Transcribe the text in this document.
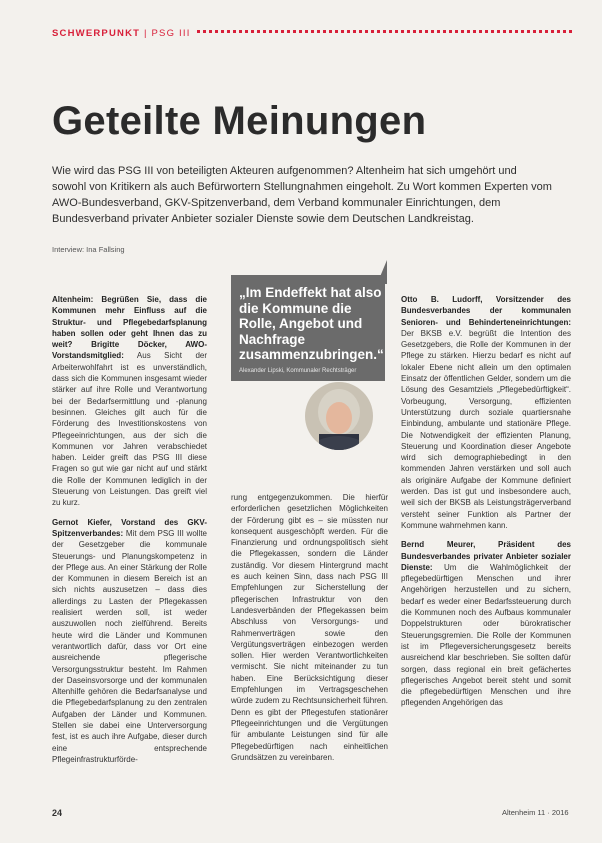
SCHWERPUNKT | PSG III
Geteilte Meinungen

Wie wird das PSG III von beteiligten Akteuren aufgenommen? Altenheim hat sich umgehört und sowohl von Kritikern als auch Befürwortern Stellungnahmen eingeholt. Zu Wort kommen Experten vom AWO-Bundesverband, GKV-Spitzenverband, dem Verband kommunaler Einrichtungen, dem Bundesverband privater Anbieter sozialer Dienste sowie dem Deutschen Landkreistag.

Interview: Ina Fallsing

Altenheim: Begrüßen Sie, dass die Kommunen mehr Einfluss auf die Struktur- und Pflegebedarfsplanung haben sollen oder geht Ihnen das zu weit? Brigitte Döcker, AWO-Vorstandsmitglied: Aus Sicht der Arbeiterwohlfahrt ist es unverständlich, dass sich die Kommunen insgesamt wieder stärker auf ihre Rolle und Verantwortung bei der Bedarfsermittlung und -planung besinnen. Gleiches gilt auch für die Förderung des Investitionskostens von Pflegeeinrichtungen, aus der sich die Kommunen vor Jahren verabschiedet haben. Leider greift das PSG III diese Fragen so gut wie gar nicht auf und stärkt die Rolle der Kommunen lediglich in der Steuerung von Leistungen. Das greift viel zu kurz.

Gernot Kiefer, Vorstand des GKV-Spitzenverbandes: Mit dem PSG III wollte der Gesetzgeber die kommunale Steuerungs- und Planungskompetenz in der Pflege aus. An einer Stärkung der Rolle der Kommunen in diesem Bereich ist an sich nichts auszusetzen – dass dies allerdings zu Lasten der Pflegekassen realisiert werden soll, ist weder auszuwollen noch zielführend. Bereits heute wird die Länder und Kommunen verantwortlich dafür, dass vor Ort eine ausreichende pflegerische Versorgungsstruktur besteht. Im Rahmen der Daseinsvorsorge und der kommunalen Altenhilfe gehören die Bedarfsanalyse und die Pflegebedarfsplanung zu den zentralen Aufgaben der Länder und Kommunen. Stellen sie dabei eine Unterversorgung fest, ist es auch ihre Aufgabe, dieser durch eine entsprechende Pflegeinfrastrukturförde-

„Im Endeffekt hat also die Kommune die Rolle, Angebot und Nachfrage zusammenzubringen.“

Alexander Lipski, Kommunaler Rechtsträger

rung entgegenzukommen. Die hierfür erforderlichen gesetzlichen Möglichkeiten der Förderung gibt es – sie müssten nur konsequent ausgeschöpft werden. Für die Finanzierung und ordnungspolitisch sieht die Pflegekassen, sondern die Länder zuständig. Vor diesem Hintergrund macht es auch keinen Sinn, dass nach PSG III Empfehlungen zur Sicherstellung der pflegerischen Infrastruktur von den Landesverbänden der Pflegekassen beim Abschluss von Versorgungs- und Rahmenverträgen sowie den Vergütungsverträgen einbezogen werden sollen. Hier werden Verantwortlichkeiten vermischt. Sie nicht miteinander zu tun haben. Eine Berücksichtigung dieser Empfehlungen im Vertragsgeschehen würde zudem zu Rechtsunsicherheit führen. Denn es gibt der Pflegestufen stationärer Pflegeeinrichtungen und die Vergütungen für ambulante Leistungen sind für alle Pflegebedürftigen nach einheitlichen Grundsätzen zu vereinbaren.

Otto B. Ludorff, Vorsitzender des Bundesverbandes der kommunalen Senioren- und Behinderteneinrichtungen: Der BKSB e.V. begrüßt die Intention des Gesetzgebers, die Rolle der Kommunen in der Pflege zu stärken. Hierzu bedarf es nicht auf lokaler Ebene nicht allein um den optimalen Einsatz der öffentlichen Gelder, sondern um die Lösung des Gesamtziels „Pflegebedürftigkeit“. Vorbeugung, Versorgung, effizienten Unterstützung durch soziale quartiersnahe Einbindung, ambulante und stationäre Pflege. Die Notwendigkeit der effizienten Planung, Steuerung und Koordination dieser Angebote wird sich demographiebedingt in den kommenden Jahren verstärken und soll auch als originäre Aufgabe der Kommune definiert werden. Das ist gut und insbesondere auch, weil sich der BKSB als Leistungsträgerverband versteht seiner Funktion als Partner der Kommune wahrnehmen kann.

Bernd Meurer, Präsident des Bundesverbandes privater Anbieter sozialer Dienste: Um die Wahlmöglichkeit der pflegebedürftigen Menschen und ihrer Angehörigen herzustellen und zu sichern, bedarf es weder einer Bedarfssteuerung durch die Kommunen noch des Aufbaus kommunaler Doppelstrukturen oder bürokratischer Steuerungsgremien. Die Rolle der Kommunen ist im Pflegeversicherungsgesetz bereits ausreichend klar beschrieben. Sie sollten dafür sorgen, dass regional ein breit gefächertes pflegerisches Angebot bereit steht und somit die pflegebedürftigen Menschen und ihre pflegenden Angehörigen das

24	Altenheim 11 · 2016
